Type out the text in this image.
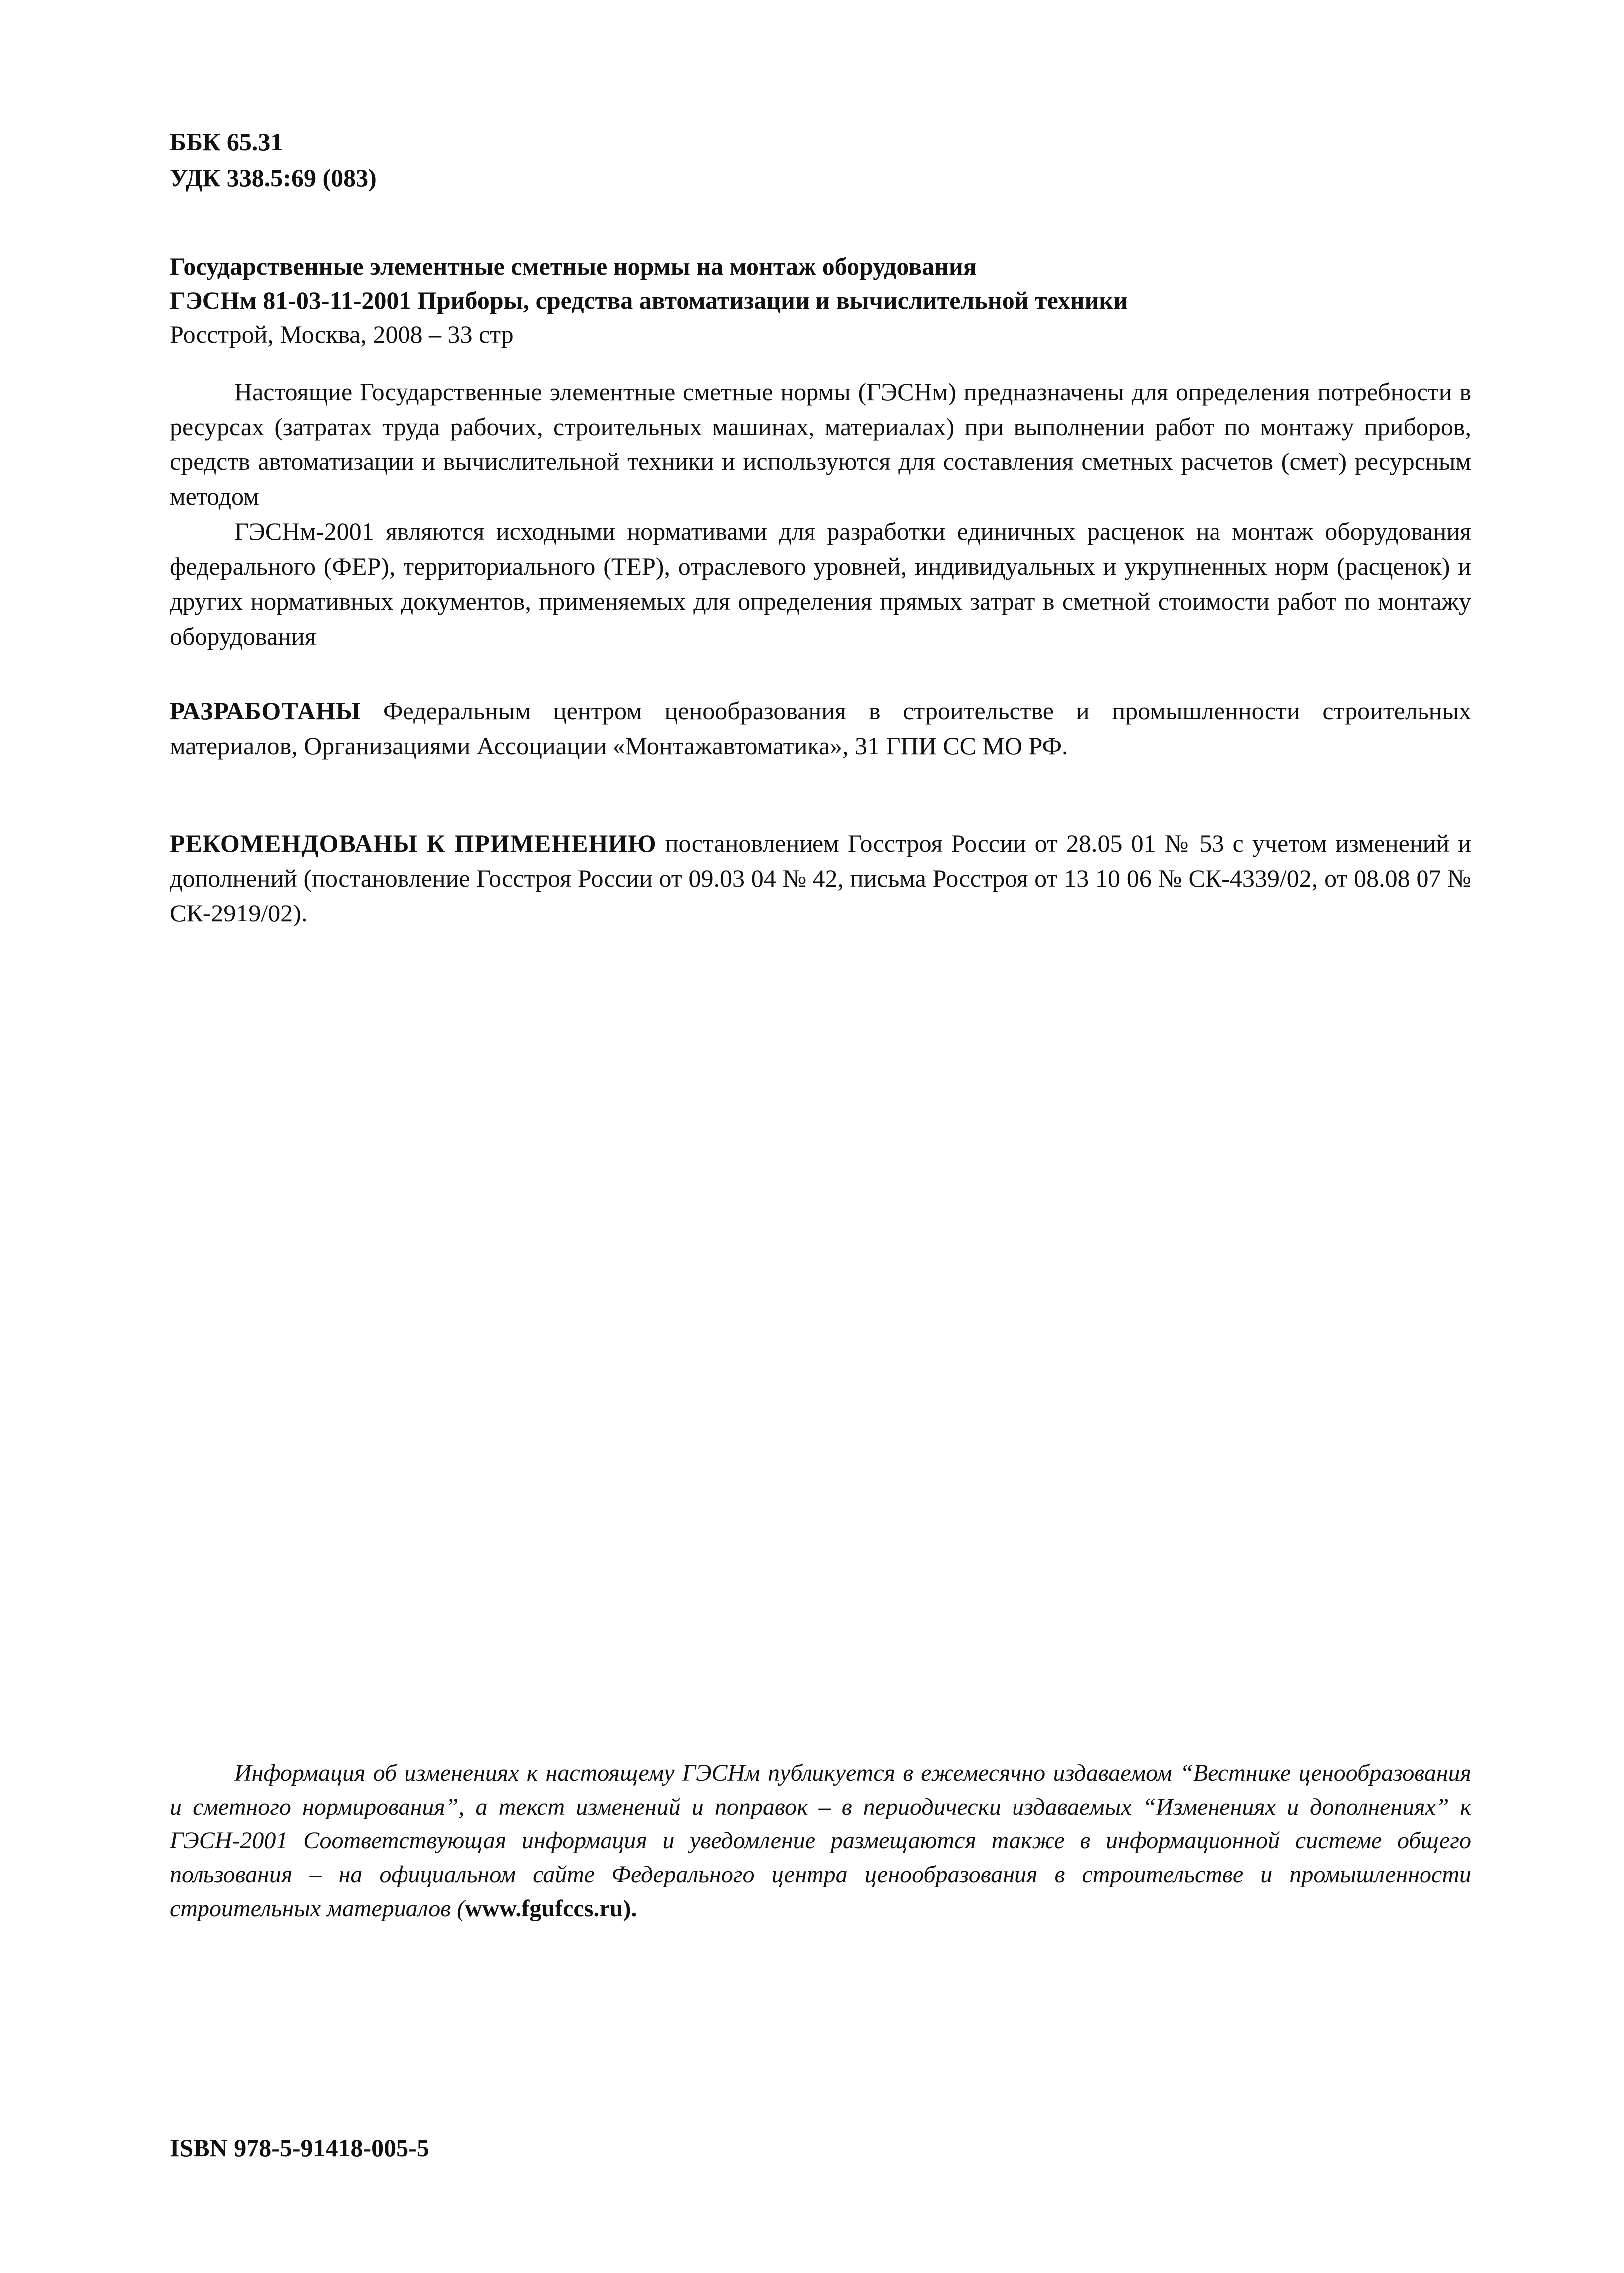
ББК 65.31
УДК 338.5:69 (083)
Государственные элементные сметные нормы на монтаж оборудования
ГЭСНм 81-03-11-2001 Приборы, средства автоматизации и вычислительной техники
Росстрой, Москва, 2008 – 33 стр

Настоящие Государственные элементные сметные нормы (ГЭСНм) предназначены для определения потребности в ресурсах (затратах труда рабочих, строительных машинах, материалах) при выполнении работ по монтажу приборов, средств автоматизации и вычислительной техники и используются для составления сметных расчетов (смет) ресурсным методом

ГЭСНм-2001 являются исходными нормативами для разработки единичных расценок на монтаж оборудования федерального (ФЕР), территориального (ТЕР), отраслевого уровней, индивидуальных и укрупненных норм (расценок) и других нормативных документов, применяемых для определения прямых затрат в сметной стоимости работ по монтажу оборудования

РАЗРАБОТАНЫ Федеральным центром ценообразования в строительстве и промышленности строительных материалов, Организациями Ассоциации «Монтажавтоматика», 31 ГПИ СС МО РФ.
РЕКОМЕНДОВАНЫ К ПРИМЕНЕНИЮ постановлением Госстроя России от 28.05 01 № 53 с учетом изменений и дополнений (постановление Госстроя России от 09.03 04 № 42, письма Росстроя от 13 10 06 № СК-4339/02, от 08.08 07 № СК-2919/02).

Информация об изменениях к настоящему ГЭСНм публикуется в ежемесячно издаваемом “Вестнике ценообразования и сметного нормирования”, а текст изменений и поправок – в периодически издаваемых “Изменениях и дополнениях” к ГЭСН-2001 Соответствующая информация и уведомление размещаются также в информационной системе общего пользования – на официальном сайте Федерального центра ценообразования в строительстве и промышленности строительных материалов (www.fgufccs.ru).

ISBN 978-5-91418-005-5
